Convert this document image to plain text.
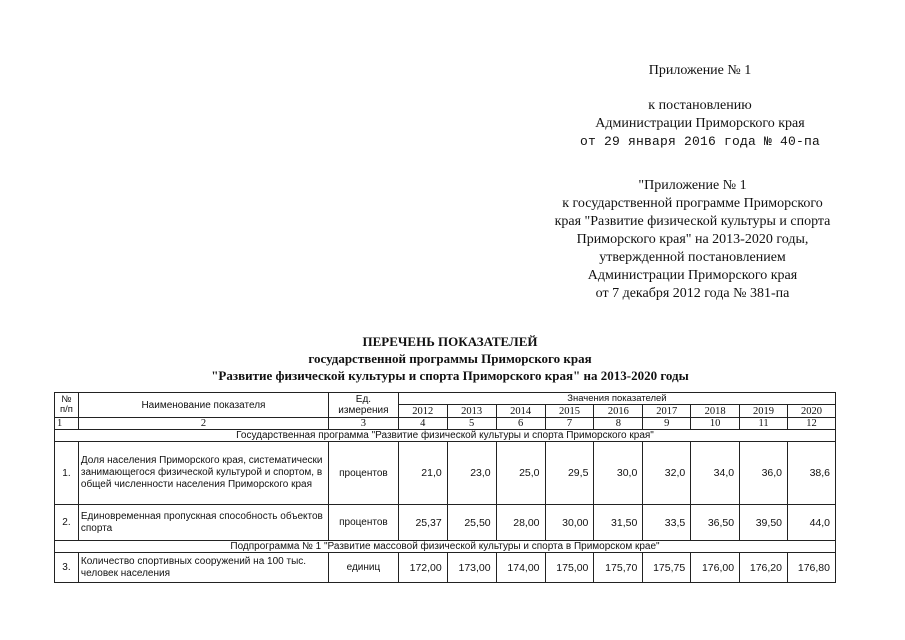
Приложение № 1
к постановлению
Администрации Приморского края
от 29 января 2016 года № 40-па
"Приложение № 1
к государственной программе Приморского
края "Развитие физической культуры и спорта
Приморского края" на 2013-2020 годы,
утвержденной постановлением
Администрации Приморского края
от 7 декабря 2012 года № 381-па
ПЕРЕЧЕНЬ ПОКАЗАТЕЛЕЙ
государственной программы Приморского края
"Развитие физической культуры и спорта Приморского края" на 2013-2020 годы
№ п/п	Наименование показателя	Ед. измерения	Значения показателей								
			2012	2013	2014	2015	2016	2017	2018	2019	2020
1	2	3	4	5	6	7	8	9	10	11	12
Государственная программа "Развитие физической культуры и спорта Приморского края"											
1.	Доля населения Приморского края, систематически занимающегося физической культурой и спортом, в общей численности населения Приморского края	процентов	21,0	23,0	25,0	29,5	30,0	32,0	34,0	36,0	38,6
2.	Единовременная пропускная способность объектов спорта	процентов	25,37	25,50	28,00	30,00	31,50	33,5	36,50	39,50	44,0
Подпрограмма № 1 "Развитие массовой физической культуры и спорта в Приморском крае"											
3.	Количество спортивных сооружений на 100 тыс. человек населения	единиц	172,00	173,00	174,00	175,00	175,70	175,75	176,00	176,20	176,80
